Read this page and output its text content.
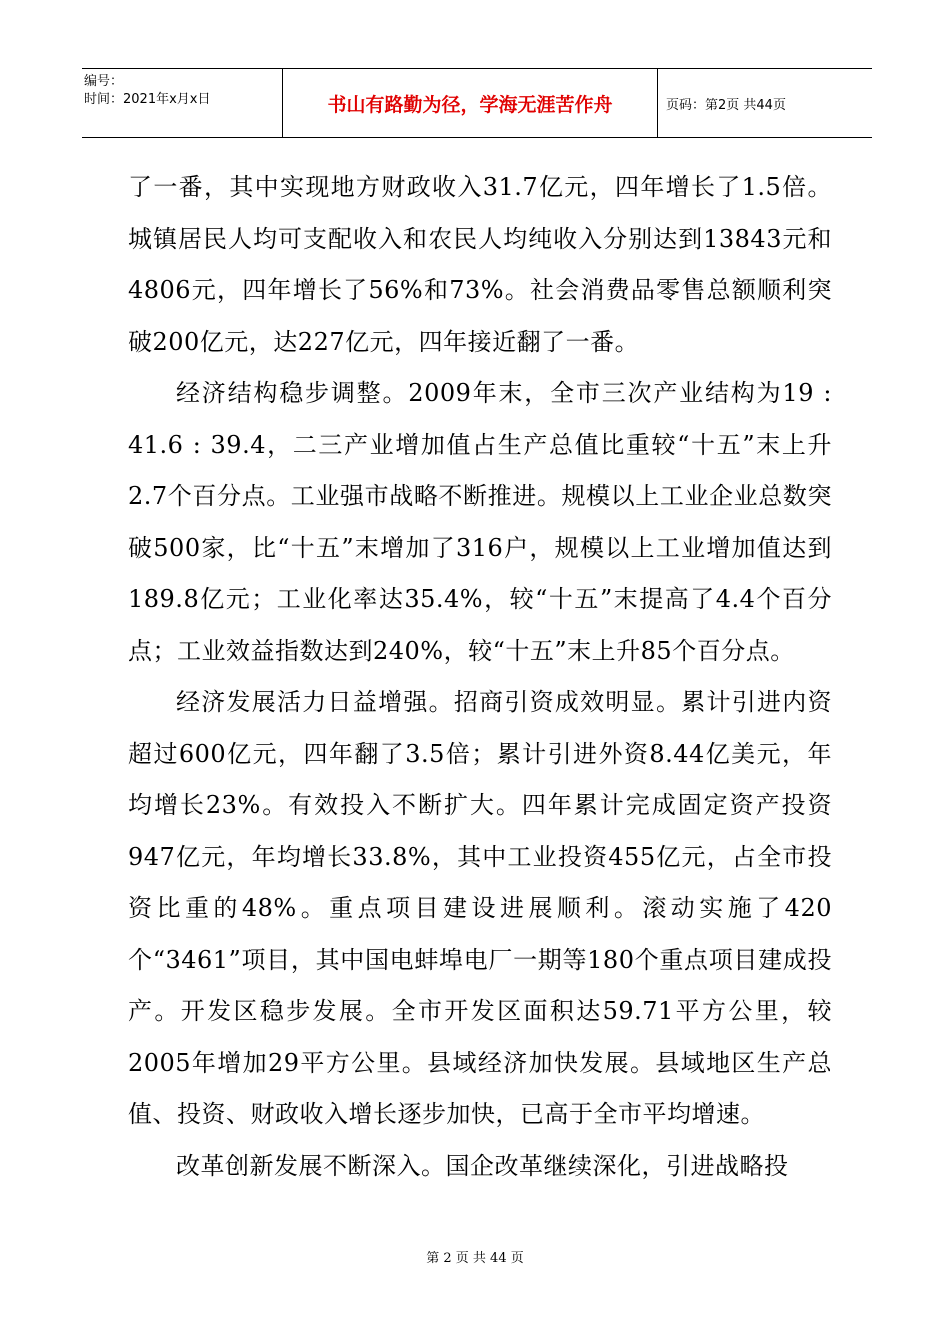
编号：
时间：2021年x月x日	书山有路勤为径，学海无涯苦作舟	页码：第2页 共44页

了一番，其中实现地方财政收入31.7亿元，四年增长了1.5倍。城镇居民人均可支配收入和农民人均纯收入分别达到13843元和4806元，四年增长了56%和73%。社会消费品零售总额顺利突破200亿元，达227亿元，四年接近翻了一番。

经济结构稳步调整。2009年末，全市三次产业结构为19 : 41.6 : 39.4，二三产业增加值占生产总值比重较“十五”末上升2.7个百分点。工业强市战略不断推进。规模以上工业企业总数突破500家，比“十五”末增加了316户，规模以上工业增加值达到189.8亿元；工业化率达35.4%，较“十五”末提高了4.4个百分点；工业效益指数达到240%，较“十五”末上升85个百分点。

经济发展活力日益增强。招商引资成效明显。累计引进内资超过600亿元，四年翻了3.5倍；累计引进外资8.44亿美元，年均增长23%。有效投入不断扩大。四年累计完成固定资产投资947亿元，年均增长33.8%，其中工业投资455亿元，占全市投资比重的48%。重点项目建设进展顺利。滚动实施了420个“3461”项目，其中国电蚌埠电厂一期等180个重点项目建成投产。开发区稳步发展。全市开发区面积达59.71平方公里，较2005年增加29平方公里。县域经济加快发展。县域地区生产总值、投资、财政收入增长逐步加快，已高于全市平均增速。

改革创新发展不断深入。国企改革继续深化，引进战略投

第 2 页 共 44 页
